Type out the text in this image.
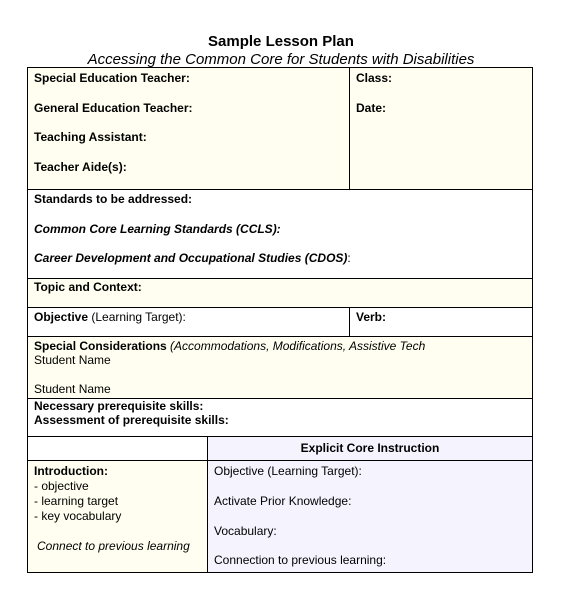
Sample Lesson Plan
Accessing the Common Core for Students with Disabilities
Special Education Teacher:
General Education Teacher:
Teaching Assistant:
Teacher Aide(s):
Class:
Date:
Standards to be addressed:
Common Core Learning Standards (CCLS):
Career Development and Occupational Studies (CDOS):
Topic and Context:
Objective (Learning Target):	Verb:
Special Considerations (Accommodations, Modifications, Assistive Tech
Student Name
Student Name
Necessary prerequisite skills:
Assessment of prerequisite skills:
Explicit Core Instruction
Introduction:
- objective
- learning target
- key vocabulary
Connect to previous learning
Objective (Learning Target):
Activate Prior Knowledge:
Vocabulary:
Connection to previous learning:
